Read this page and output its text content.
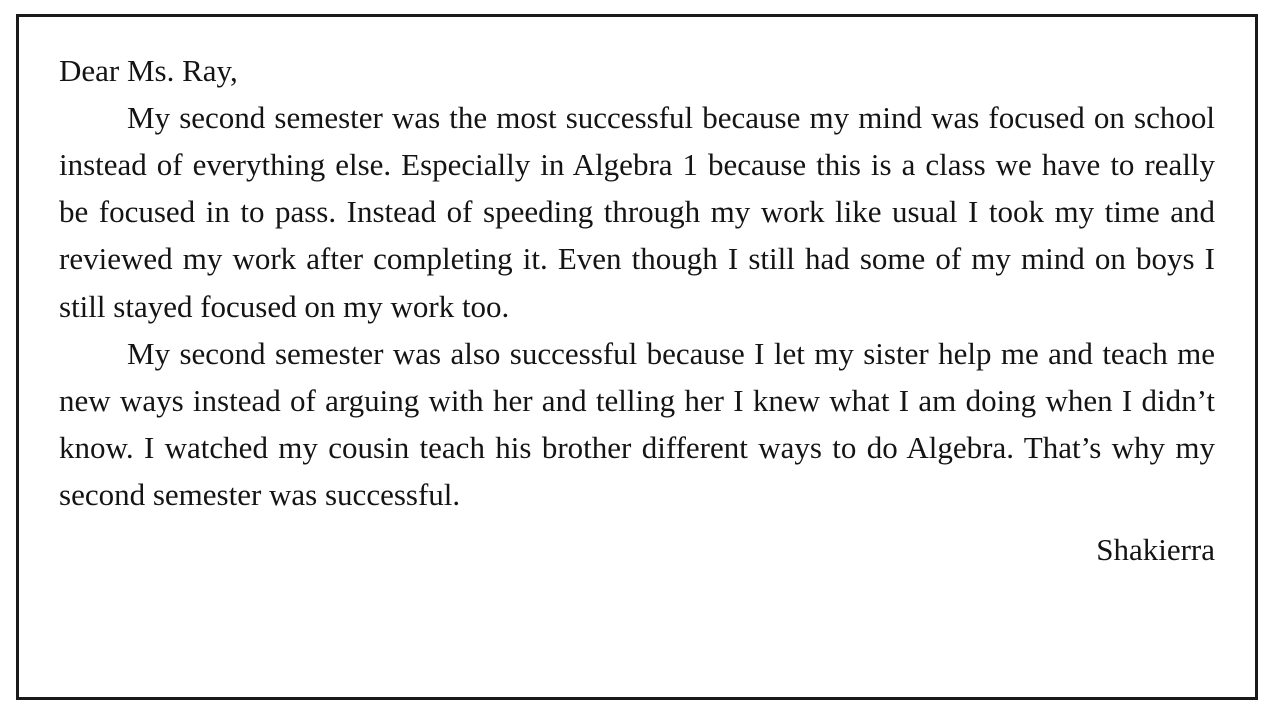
Dear Ms. Ray,

My second semester was the most successful because my mind was focused on school instead of everything else. Especially in Algebra 1 because this is a class we have to really be focused in to pass. Instead of speeding through my work like usual I took my time and reviewed my work after completing it. Even though I still had some of my mind on boys I still stayed focused on my work too.

My second semester was also successful because I let my sister help me and teach me new ways instead of arguing with her and telling her I knew what I am doing when I didn’t know. I watched my cousin teach his brother different ways to do Algebra. That’s why my second semester was successful.

Shakierra
